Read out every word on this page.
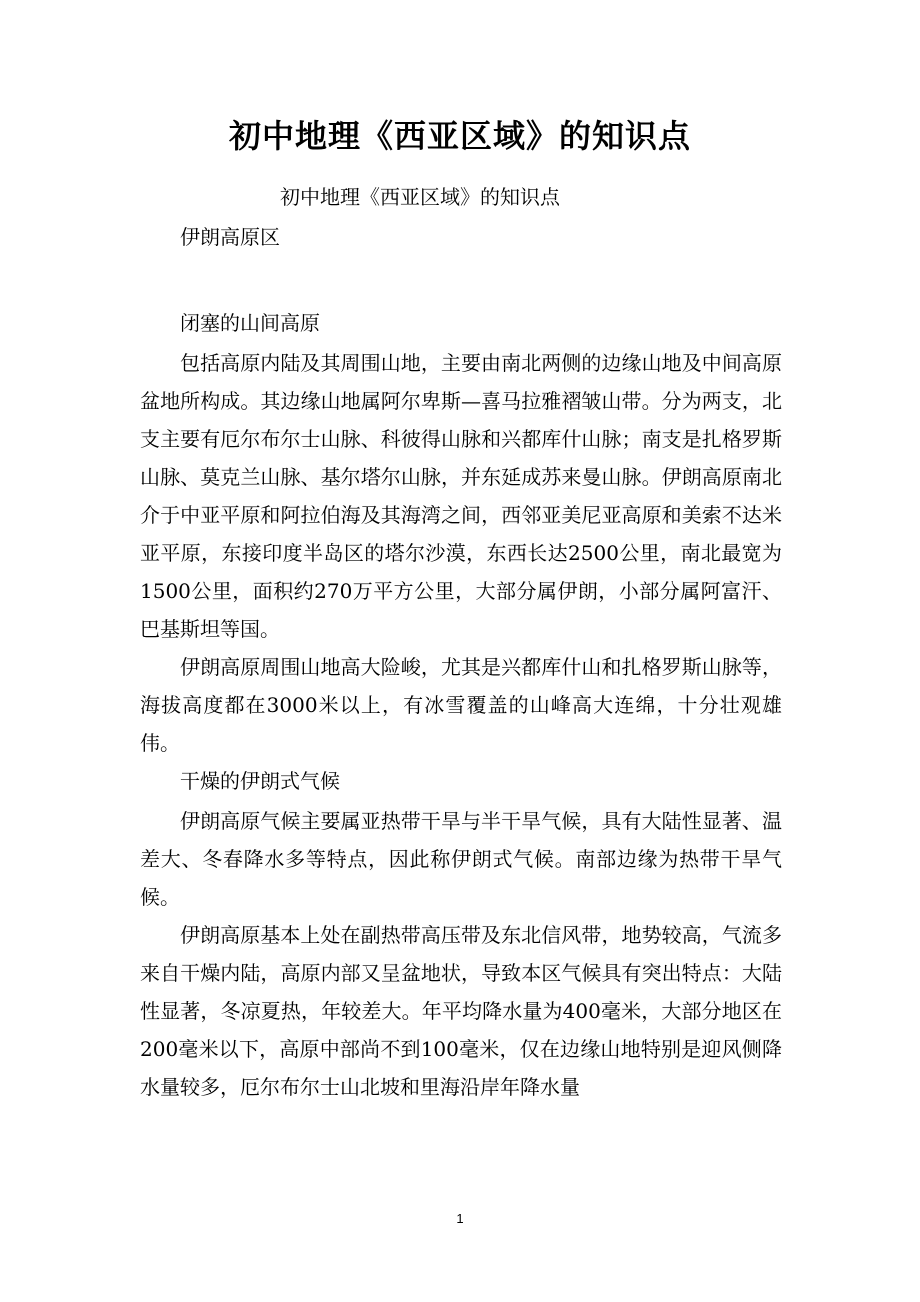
初中地理《西亚区域》的知识点

初中地理《西亚区域》的知识点

伊朗高原区

闭塞的山间高原

包括高原内陆及其周围山地，主要由南北两侧的边缘山地及中间高原盆地所构成。其边缘山地属阿尔卑斯—喜马拉雅褶皱山带。分为两支，北支主要有厄尔布尔士山脉、科彼得山脉和兴都库什山脉；南支是扎格罗斯山脉、莫克兰山脉、基尔塔尔山脉，并东延成苏来曼山脉。伊朗高原南北介于中亚平原和阿拉伯海及其海湾之间，西邻亚美尼亚高原和美索不达米亚平原，东接印度半岛区的塔尔沙漠，东西长达2500公里，南北最宽为1500公里，面积约270万平方公里，大部分属伊朗，小部分属阿富汗、巴基斯坦等国。

伊朗高原周围山地高大险峻，尤其是兴都库什山和扎格罗斯山脉等，海拔高度都在3000米以上，有冰雪覆盖的山峰高大连绵，十分壮观雄伟。

干燥的伊朗式气候

伊朗高原气候主要属亚热带干旱与半干旱气候，具有大陆性显著、温差大、冬春降水多等特点，因此称伊朗式气候。南部边缘为热带干旱气候。

伊朗高原基本上处在副热带高压带及东北信风带，地势较高，气流多来自干燥内陆，高原内部又呈盆地状，导致本区气候具有突出特点：大陆性显著，冬凉夏热，年较差大。年平均降水量为400毫米，大部分地区在200毫米以下，高原中部尚不到100毫米，仅在边缘山地特别是迎风侧降水量较多，厄尔布尔士山北坡和里海沿岸年降水量

1
